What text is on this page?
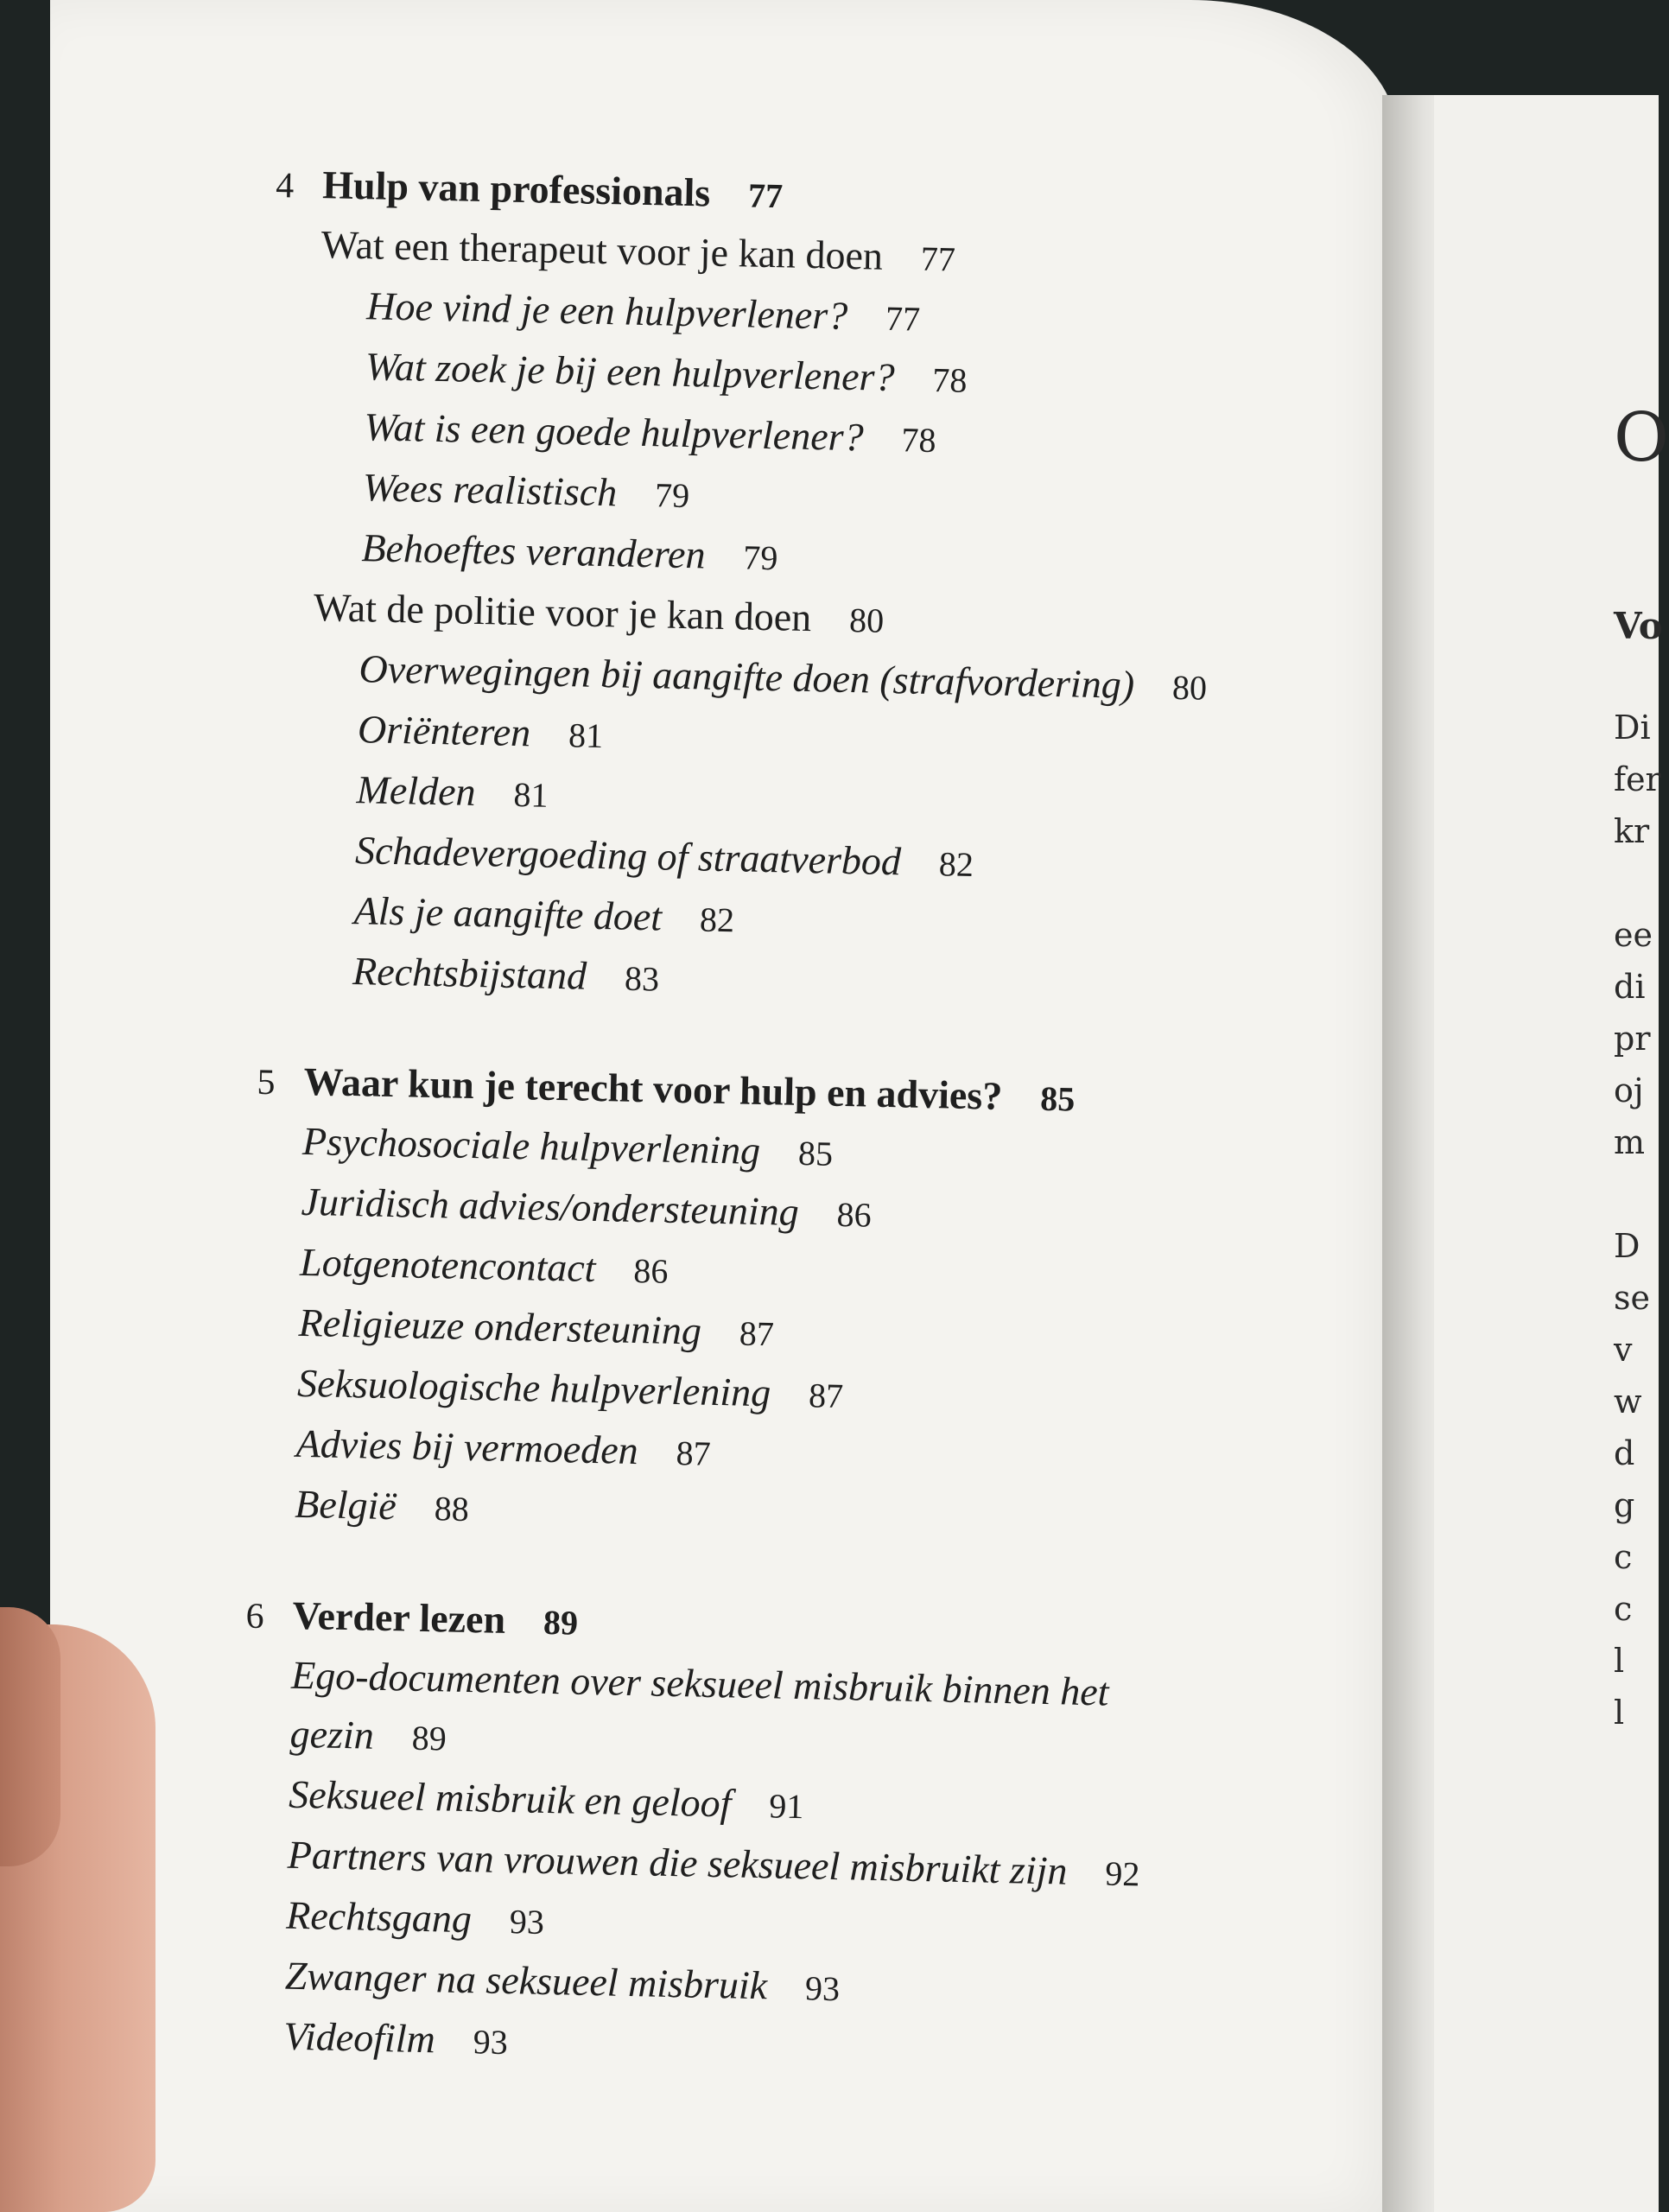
O
Vo
Di
fer
kr
ee
di
pr
oj
m
D
se
v
w
d
g
c
c
l
l
4 Hulp van professionals 77
Wat een therapeut voor je kan doen 77
Hoe vind je een hulpverlener? 77
Wat zoek je bij een hulpverlener? 78
Wat is een goede hulpverlener? 78
Wees realistisch 79
Behoeftes veranderen 79
Wat de politie voor je kan doen 80
Overwegingen bij aangifte doen (strafvordering) 80
Oriënteren 81
Melden 81
Schadevergoeding of straatverbod 82
Als je aangifte doet 82
Rechtsbijstand 83
5 Waar kun je terecht voor hulp en advies? 85
Psychosociale hulpverlening 85
Juridisch advies/ondersteuning 86
Lotgenotencontact 86
Religieuze ondersteuning 87
Seksuologische hulpverlening 87
Advies bij vermoeden 87
België 88
6 Verder lezen 89
Ego-documenten over seksueel misbruik binnen het gezin 89
Seksueel misbruik en geloof 91
Partners van vrouwen die seksueel misbruikt zijn 92
Rechtsgang 93
Zwanger na seksueel misbruik 93
Videofilm 93
